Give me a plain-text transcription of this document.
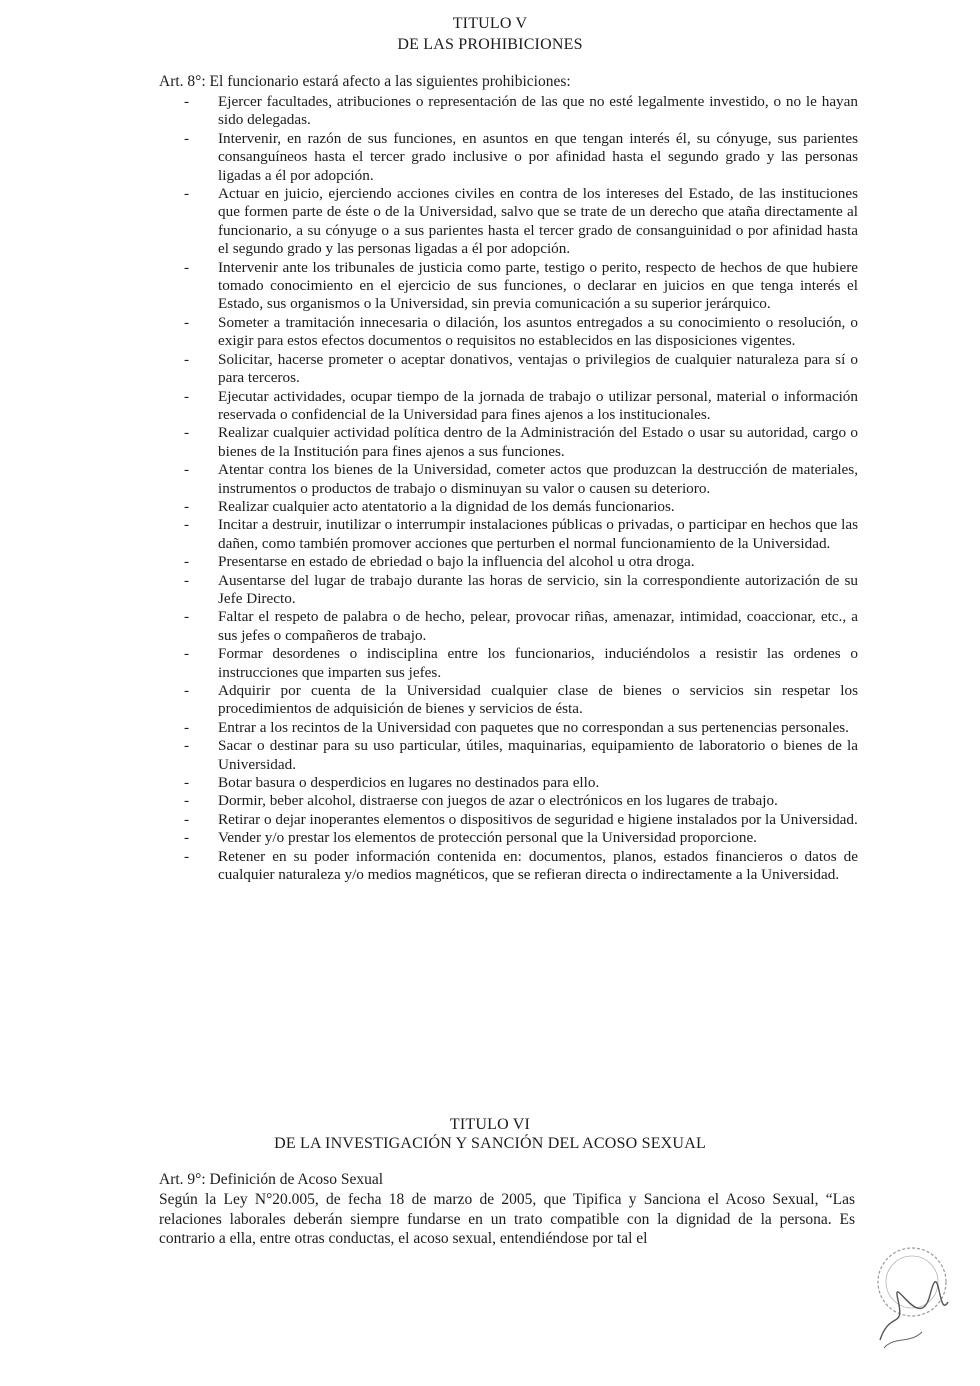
TITULO V
DE LAS PROHIBICIONES
Art. 8°: El funcionario estará afecto a las siguientes prohibiciones:
- Ejercer facultades, atribuciones o representación de las que no esté legalmente investido, o no le hayan sido delegadas.
- Intervenir, en razón de sus funciones, en asuntos en que tengan interés él, su cónyuge, sus parientes consanguíneos hasta el tercer grado inclusive o por afinidad hasta el segundo grado y las personas ligadas a él por adopción.
- Actuar en juicio, ejerciendo acciones civiles en contra de los intereses del Estado, de las instituciones que formen parte de éste o de la Universidad, salvo que se trate de un derecho que ataña directamente al funcionario, a su cónyuge o a sus parientes hasta el tercer grado de consanguinidad o por afinidad hasta el segundo grado y las personas ligadas a él por adopción.
- Intervenir ante los tribunales de justicia como parte, testigo o perito, respecto de hechos de que hubiere tomado conocimiento en el ejercicio de sus funciones, o declarar en juicios en que tenga interés el Estado, sus organismos o la Universidad, sin previa comunicación a su superior jerárquico.
- Someter a tramitación innecesaria o dilación, los asuntos entregados a su conocimiento o resolución, o exigir para estos efectos documentos o requisitos no establecidos en las disposiciones vigentes.
- Solicitar, hacerse prometer o aceptar donativos, ventajas o privilegios de cualquier naturaleza para sí o para terceros.
- Ejecutar actividades, ocupar tiempo de la jornada de trabajo o utilizar personal, material o información reservada o confidencial de la Universidad para fines ajenos a los institucionales.
- Realizar cualquier actividad política dentro de la Administración del Estado o usar su autoridad, cargo o bienes de la Institución para fines ajenos a sus funciones.
- Atentar contra los bienes de la Universidad, cometer actos que produzcan la destrucción de materiales, instrumentos o productos de trabajo o disminuyan su valor o causen su deterioro.
- Realizar cualquier acto atentatorio a la dignidad de los demás funcionarios.
- Incitar a destruir, inutilizar o interrumpir instalaciones públicas o privadas, o participar en hechos que las dañen, como también promover acciones que perturben el normal funcionamiento de la Universidad.
- Presentarse en estado de ebriedad o bajo la influencia del alcohol u otra droga.
- Ausentarse del lugar de trabajo durante las horas de servicio, sin la correspondiente autorización de su Jefe Directo.
- Faltar el respeto de palabra o de hecho, pelear, provocar riñas, amenazar, intimidad, coaccionar, etc., a sus jefes o compañeros de trabajo.
- Formar desordenes o indisciplina entre los funcionarios, induciéndolos a resistir las ordenes o instrucciones que imparten sus jefes.
- Adquirir por cuenta de la Universidad cualquier clase de bienes o servicios sin respetar los procedimientos de adquisición de bienes y servicios de ésta.
- Entrar a los recintos de la Universidad con paquetes que no correspondan a sus pertenencias personales.
- Sacar o destinar para su uso particular, útiles, maquinarias, equipamiento de laboratorio o bienes de la Universidad.
- Botar basura o desperdicios en lugares no destinados para ello.
- Dormir, beber alcohol, distraerse con juegos de azar o electrónicos en los lugares de trabajo.
- Retirar o dejar inoperantes elementos o dispositivos de seguridad e higiene instalados por la Universidad.
- Vender y/o prestar los elementos de protección personal que la Universidad proporcione.
- Retener en su poder información contenida en: documentos, planos, estados financieros o datos de cualquier naturaleza y/o medios magnéticos, que se refieran directa o indirectamente a la Universidad.
TITULO VI
DE LA INVESTIGACIÓN Y SANCIÓN DEL ACOSO SEXUAL
Art. 9°: Definición de Acoso Sexual
Según la Ley N°20.005, de fecha 18 de marzo de 2005, que Tipifica y Sanciona el Acoso Sexual, “Las relaciones laborales deberán siempre fundarse en un trato compatible con la dignidad de la persona. Es contrario a ella, entre otras conductas, el acoso sexual, entendiéndose por tal el
